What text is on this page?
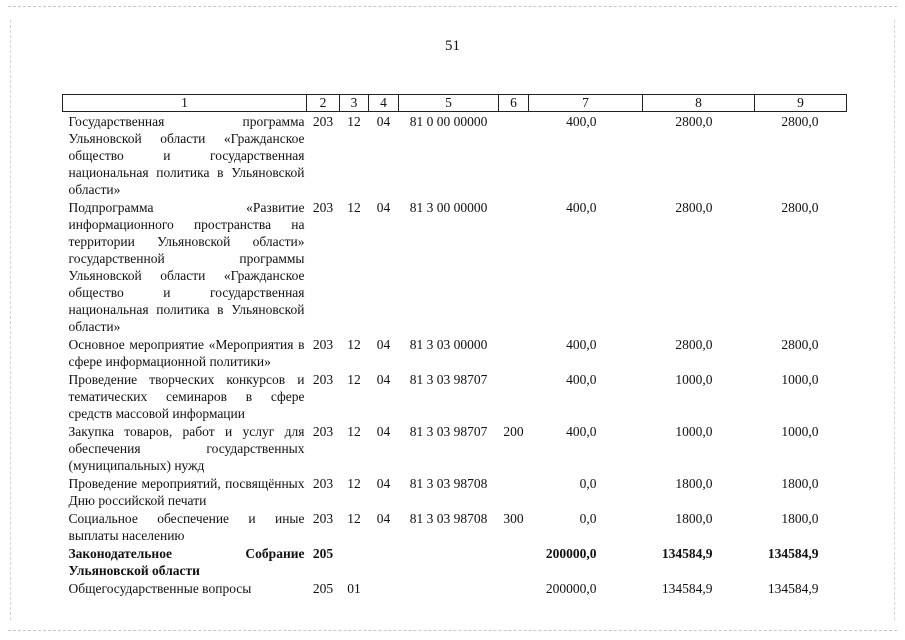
51
1	2	3	4	5	6	7	8	9
Государственная программа Ульяновской области «Гражданское общество и государственная национальная политика в Ульяновской области»	203	12	04	81 0 00 00000		400,0	2800,0	2800,0
Подпрограмма «Развитие информационного пространства на территории Ульяновской области» государственной программы Ульяновской области «Гражданское общество и государственная национальная политика в Ульяновской области»	203	12	04	81 3 00 00000		400,0	2800,0	2800,0
Основное мероприятие «Мероприятия в сфере информационной политики»	203	12	04	81 3 03 00000		400,0	2800,0	2800,0
Проведение творческих конкурсов и тематических семинаров в сфере средств массовой информации	203	12	04	81 3 03 98707		400,0	1000,0	1000,0
Закупка товаров, работ и услуг для обеспечения государственных (муниципальных) нужд	203	12	04	81 3 03 98707	200	400,0	1000,0	1000,0
Проведение мероприятий, посвящённых Дню российской печати	203	12	04	81 3 03 98708		0,0	1800,0	1800,0
Социальное обеспечение и иные выплаты населению	203	12	04	81 3 03 98708	300	0,0	1800,0	1800,0
Законодательное Собрание Ульяновской области	205					200000,0	134584,9	134584,9
Общегосударственные вопросы	205	01				200000,0	134584,9	134584,9
